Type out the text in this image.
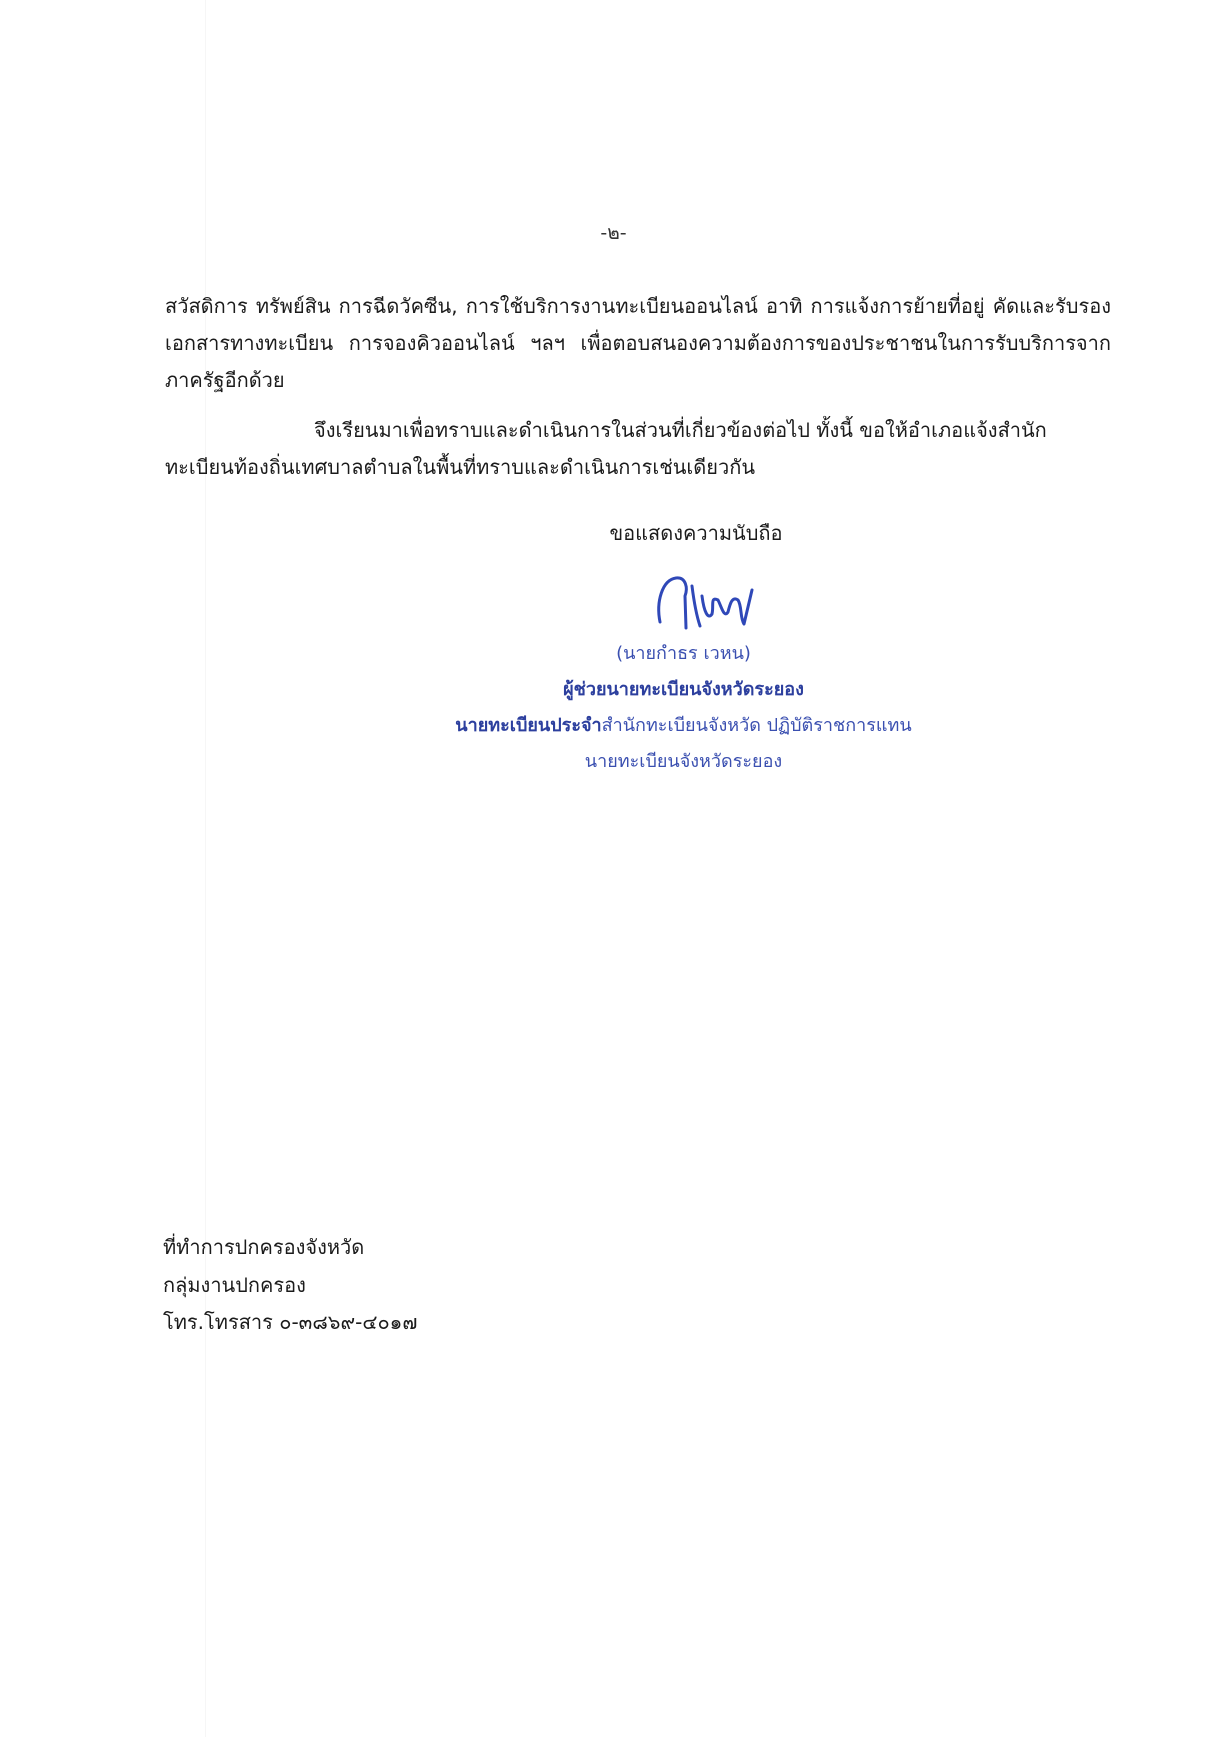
-๒-

สวัสดิการ ทรัพย์สิน การฉีดวัคซีน, การใช้บริการงานทะเบียนออนไลน์ อาทิ การแจ้งการย้ายที่อยู่ คัดและรับรองเอกสารทางทะเบียน การจองคิวออนไลน์ ฯลฯ เพื่อตอบสนองความต้องการของประชาชนในการรับบริการจากภาครัฐอีกด้วย

จึงเรียนมาเพื่อทราบและดำเนินการในส่วนที่เกี่ยวข้องต่อไป ทั้งนี้ ขอให้อำเภอแจ้งสำนักทะเบียนท้องถิ่นเทศบาลตำบลในพื้นที่ทราบและดำเนินการเช่นเดียวกัน

ขอแสดงความนับถือ
(นายกำธร เวหน)
ผู้ช่วยนายทะเบียนจังหวัดระยอง
นายทะเบียนประจำสำนักทะเบียนจังหวัด ปฏิบัติราชการแทน
นายทะเบียนจังหวัดระยอง
ที่ทำการปกครองจังหวัด
กลุ่มงานปกครอง
โทร.โทรสาร ๐-๓๘๖๙-๔๐๑๗
